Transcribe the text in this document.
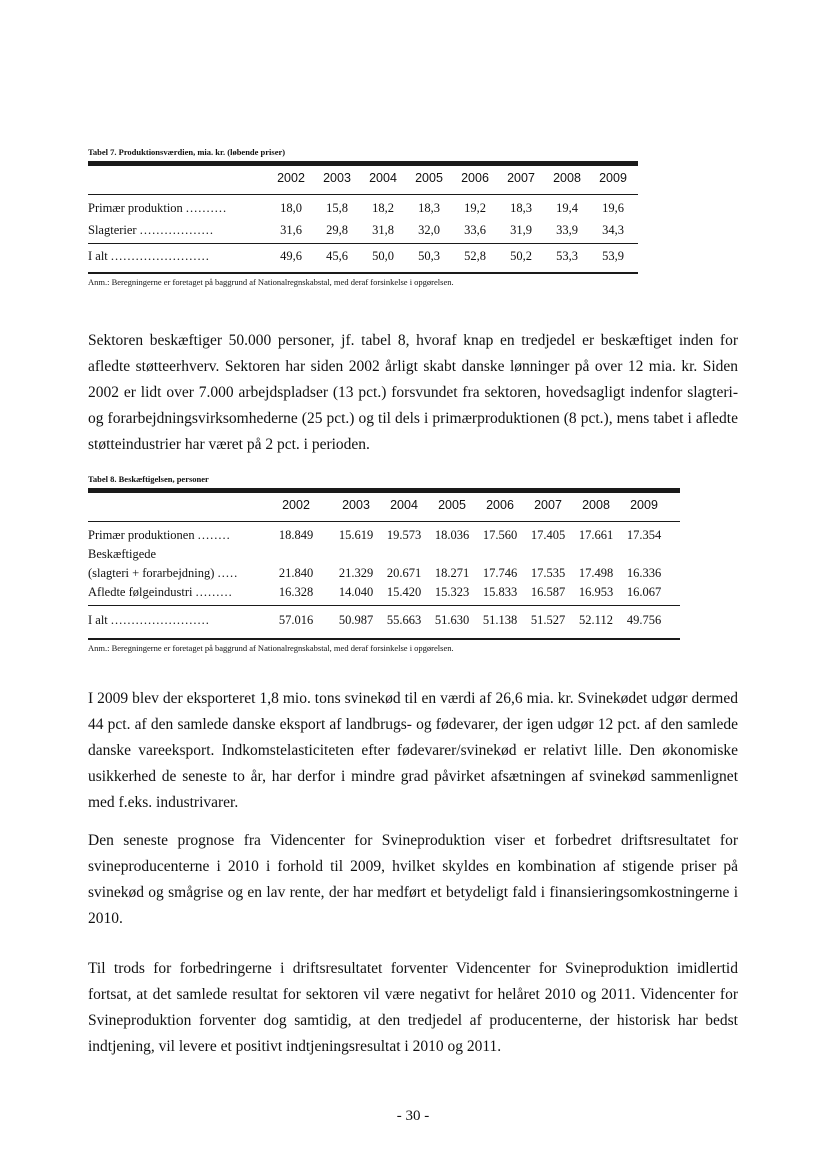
Tabel 7. Produktionsværdien, mia. kr. (løbende priser)

2002	2003	2004	2005	2006	2007	2008	2009
Primær produktion ..........	18,0	15,8	18,2	18,3	19,2	18,3	19,4	19,6
Slagterier ..................	31,6	29,8	31,8	32,0	33,6	31,9	33,9	34,3
I alt ........................	49,6	45,6	50,0	50,3	52,8	50,2	53,3	53,9
Anm.: Beregningerne er foretaget på baggrund af Nationalregnskabstal, med deraf forsinkelse i opgørelsen.

Sektoren beskæftiger 50.000 personer, jf. tabel 8, hvoraf knap en tredjedel er beskæftiget inden for afledte støtteerhverv. Sektoren har siden 2002 årligt skabt danske lønninger på over 12 mia. kr. Siden 2002 er lidt over 7.000 arbejdspladser (13 pct.) forsvundet fra sektoren, hovedsagligt indenfor slagteri- og forarbejdningsvirksomhederne (25 pct.) og til dels i primærproduktionen (8 pct.), mens tabet i afledte støtteindustrier har været på 2 pct. i perioden.

Tabel 8. Beskæftigelsen, personer

2002	2003	2004	2005	2006	2007	2008	2009
Primær produktionen ........	18.849	15.619	19.573	18.036	17.560	17.405	17.661	17.354
Beskæftigede
(slagteri + forarbejdning) .....	21.840	21.329	20.671	18.271	17.746	17.535	17.498	16.336
Afledte følgeindustri .........	16.328	14.040	15.420	15.323	15.833	16.587	16.953	16.067
I alt ........................	57.016	50.987	55.663	51.630	51.138	51.527	52.112	49.756
Anm.: Beregningerne er foretaget på baggrund af Nationalregnskabstal, med deraf forsinkelse i opgørelsen.

I 2009 blev der eksporteret 1,8 mio. tons svinekød til en værdi af 26,6 mia. kr. Svinekødet udgør dermed 44 pct. af den samlede danske eksport af landbrugs- og fødevarer, der igen udgør 12 pct. af den samlede danske vareeksport. Indkomstelasticiteten efter fødevarer/svinekød er relativt lille. Den økonomiske usikkerhed de seneste to år, har derfor i mindre grad påvirket afsætningen af svinekød sammenlignet med f.eks. industrivarer.

Den seneste prognose fra Videncenter for Svineproduktion viser et forbedret driftsresultatet for svineproducenterne i 2010 i forhold til 2009, hvilket skyldes en kombination af stigende priser på svinekød og smågrise og en lav rente, der har medført et betydeligt fald i finansieringsomkostningerne i 2010.

Til trods for forbedringerne i driftsresultatet forventer Videncenter for Svineproduktion imidlertid fortsat, at det samlede resultat for sektoren vil være negativt for helåret 2010 og 2011. Videncenter for Svineproduktion forventer dog samtidig, at den tredjedel af producenterne, der historisk har bedst indtjening, vil levere et positivt indtjeningsresultat i 2010 og 2011.

- 30 -
